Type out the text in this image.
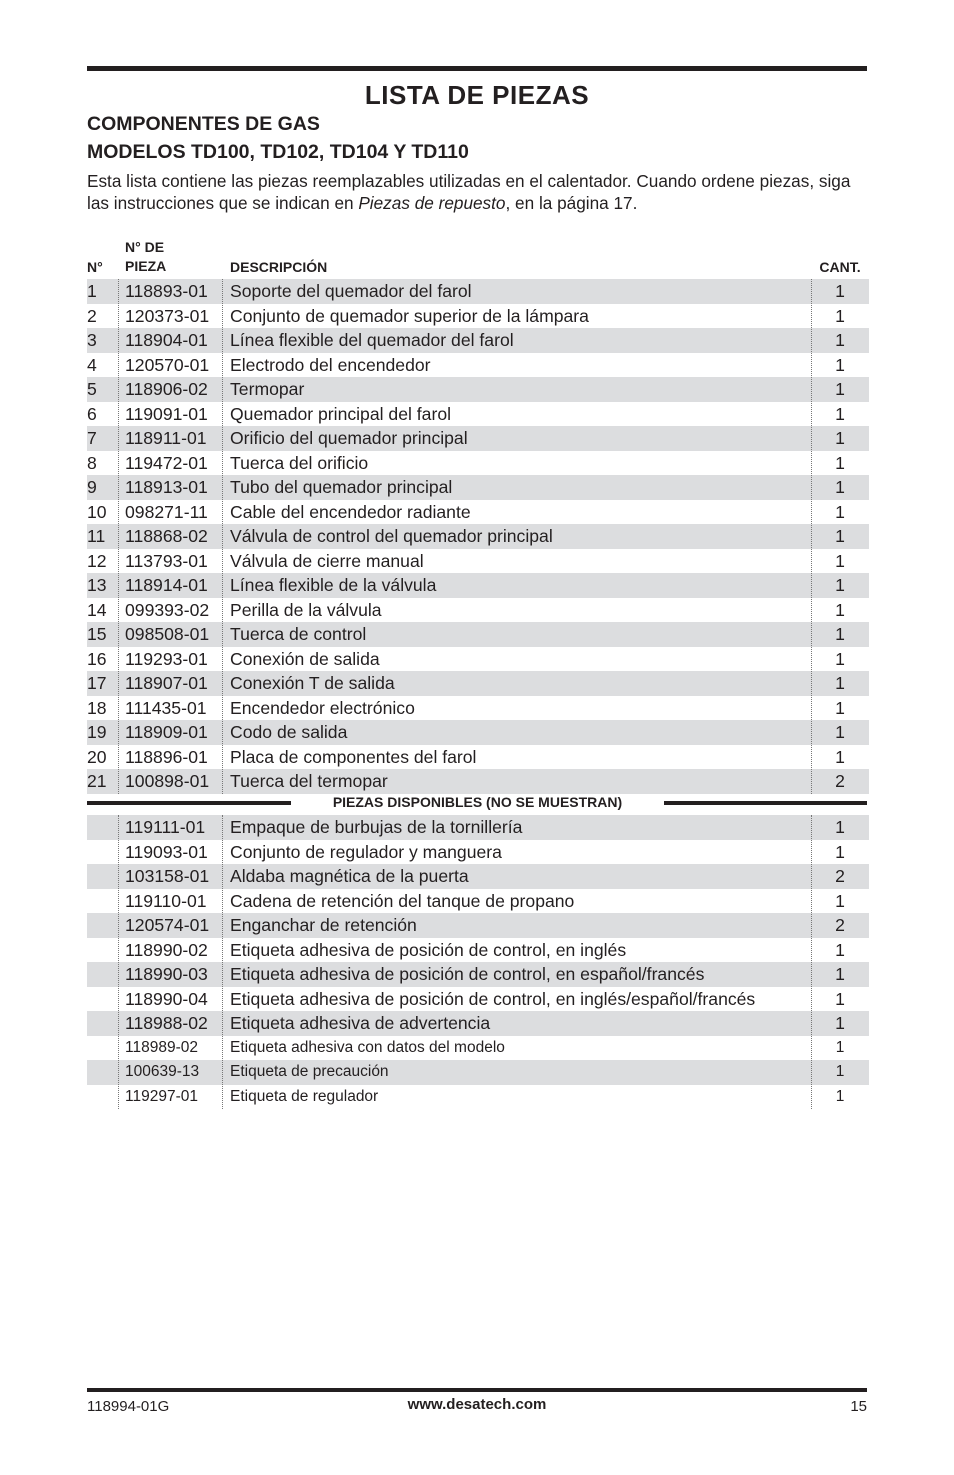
LISTA DE PIEZAS
COMPONENTES DE GAS
MODELOS TD100, TD102, TD104 Y TD110
Esta lista contiene las piezas reemplazables utilizadas en el calentador. Cuando ordene piezas, siga las instrucciones que se indican en Piezas de repuesto, en la página 17.
N°
N° DE
PIEZA	DESCRIPCIÓN	CANT.
1 118893-01 Soporte del quemador del farol	1
2 120373-01 Conjunto de quemador superior de la lámpara	1
3 118904-01 Línea flexible del quemador del farol	1
4 120570-01 Electrodo del encendedor	1
5 118906-02 Termopar	1
6 119091-01 Quemador principal del farol	1
7 118911-01 Orificio del quemador principal	1
8 119472-01 Tuerca del orificio	1
9 118913-01 Tubo del quemador principal	1
10 098271-11 Cable del encendedor radiante	1
11 118868-02 Válvula de control del quemador principal	1
12 113793-01 Válvula de cierre manual	1
13 118914-01 Línea flexible de la válvula	1
14 099393-02 Perilla de la válvula	1
15 098508-01 Tuerca de control	1
16 119293-01 Conexión de salida	1
17 118907-01 Conexión T de salida	1
18 111435-01 Encendedor electrónico	1
19 118909-01 Codo de salida	1
20 118896-01 Placa de componentes del farol	1
21 100898-01 Tuerca del termopar	2
PIEZAS DISPONIBLES (NO SE MUESTRAN)
119111-01 Empaque de burbujas de la tornillería	1
119093-01 Conjunto de regulador y manguera	1
103158-01 Aldaba magnética de la puerta	2
119110-01 Cadena de retención del tanque de propano	1
120574-01 Enganchar de retención	2
118990-02 Etiqueta adhesiva de posición de control, en inglés	1
118990-03 Etiqueta adhesiva de posición de control, en español/francés	1
118990-04 Etiqueta adhesiva de posición de control, en inglés/español/francés	1
118988-02 Etiqueta adhesiva de advertencia	1
118989-02 Etiqueta adhesiva con datos del modelo	1
100639-13 Etiqueta de precaución	1
119297-01 Etiqueta de regulador	1
118994-01G	www.desatech.com	15
